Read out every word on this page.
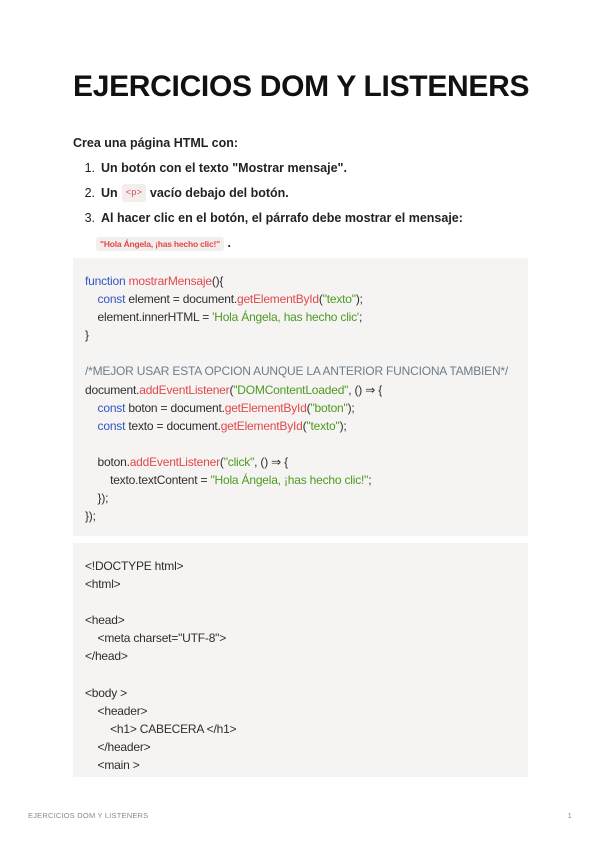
EJERCICIOS DOM Y LISTENERS
Crea una página HTML con:
1. Un botón con el texto "Mostrar mensaje".
2. Un <p> vacío debajo del botón.
3. Al hacer clic en el botón, el párrafo debe mostrar el mensaje:
"Hola Ángela, ¡has hecho clic!" .
function mostrarMensaje(){
const element = document.getElementById("texto");
element.innerHTML = 'Hola Ángela, has hecho clic';
}

/*MEJOR USAR ESTA OPCION AUNQUE LA ANTERIOR FUNCIONA TAMBIEN*/
document.addEventListener("DOMContentLoaded", () ⇒ {
const boton = document.getElementById("boton");
const texto = document.getElementById("texto");

boton.addEventListener("click", () ⇒ {
texto.textContent = "Hola Ángela, ¡has hecho clic!";
});
});
<!DOCTYPE html>
<html>

<head>
<meta charset="UTF-8">
</head>

<body >
<header>
<h1> CABECERA </h1>
</header>
<main >
EJERCICIOS DOM Y LISTENERS	1
